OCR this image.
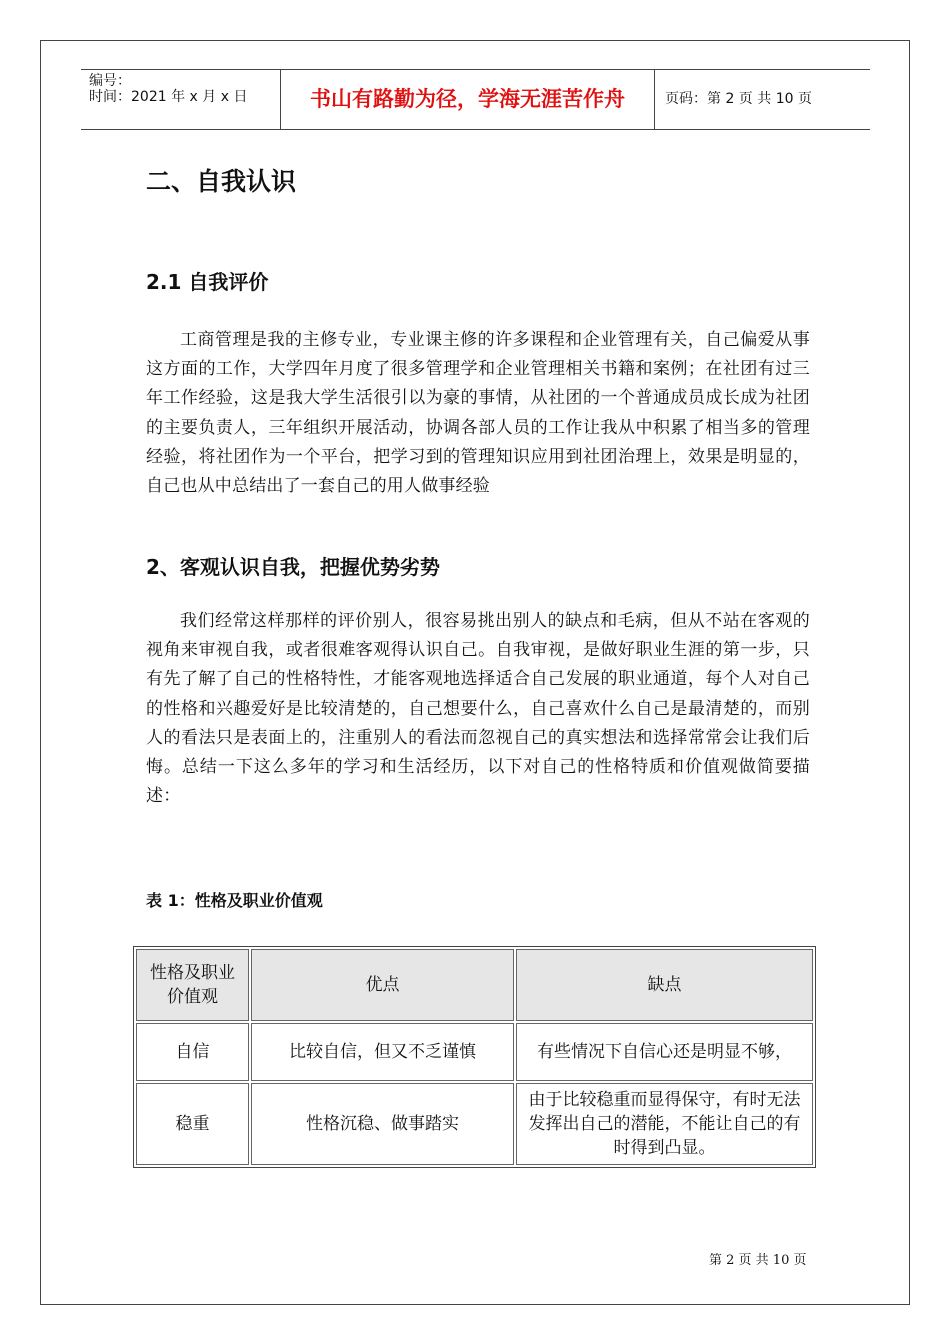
编号：
时间：2021 年 x 月 x 日	书山有路勤为径，学海无涯苦作舟	页码：第 2 页 共 10 页
二、自我认识
2.1 自我评价

工商管理是我的主修专业，专业课主修的许多课程和企业管理有关，自己偏爱从事这方面的工作，大学四年月度了很多管理学和企业管理相关书籍和案例；在社团有过三年工作经验，这是我大学生活很引以为豪的事情，从社团的一个普通成员成长成为社团的主要负责人，三年组织开展活动，协调各部人员的工作让我从中积累了相当多的管理经验，将社团作为一个平台，把学习到的管理知识应用到社团治理上，效果是明显的，自己也从中总结出了一套自己的用人做事经验

2、客观认识自我，把握优势劣势

我们经常这样那样的评价别人，很容易挑出别人的缺点和毛病，但从不站在客观的视角来审视自我，或者很难客观得认识自己。自我审视，是做好职业生涯的第一步，只有先了解了自己的性格特性，才能客观地选择适合自己发展的职业通道，每个人对自己的性格和兴趣爱好是比较清楚的，自己想要什么，自己喜欢什么自己是最清楚的，而别人的看法只是表面上的，注重别人的看法而忽视自己的真实想法和选择常常会让我们后悔。总结一下这么多年的学习和生活经历，以下对自己的性格特质和价值观做简要描述：

表 1：性格及职业价值观

性格及职业价值观	优点	缺点
自信	比较自信，但又不乏谨慎	有些情况下自信心还是明显不够，
稳重	性格沉稳、做事踏实	由于比较稳重而显得保守，有时无法发挥出自己的潜能，不能让自己的有时得到凸显。

第 2 页 共 10 页
